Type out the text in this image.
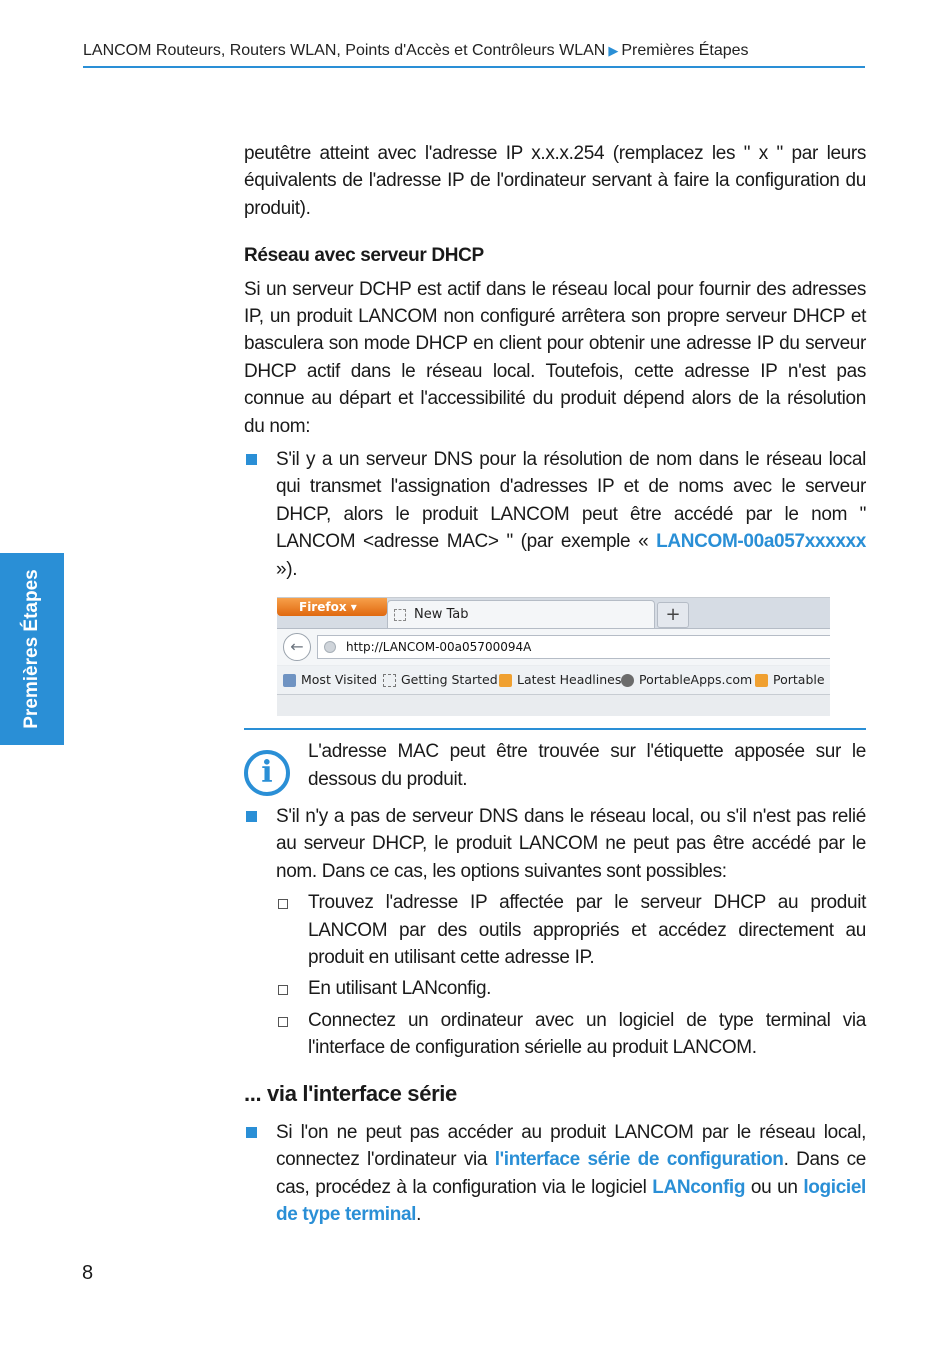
LANCOM Routeurs, Routers WLAN, Points d'Accès et Contrôleurs WLAN ▶ Premières Étapes
Premières Étapes

peutêtre atteint avec l'adresse IP x.x.x.254 (remplacez les " x " par leurs équivalents de l'adresse IP de l'ordinateur servant à faire la configuration du produit).

Réseau avec serveur DHCP

Si un serveur DCHP est actif dans le réseau local pour fournir des adresses IP, un produit LANCOM non configuré arrêtera son propre serveur DHCP et basculera son mode DHCP en client pour obtenir une adresse IP du serveur DHCP actif dans le réseau local. Toutefois, cette adresse IP n'est pas connue au départ et l'accessibilité du produit dépend alors de la résolution du nom:

S'il y a un serveur DNS pour la résolution de nom dans le réseau local qui transmet l'assignation d'adresses IP et de noms avec le serveur DHCP, alors le produit LANCOM peut être accédé par le nom " LANCOM <adresse MAC> " (par exemple « LANCOM-00a057xxxxxx »).
Firefox ▾	New Tab	+
←	http://LANCOM-00a05700094A
Most Visited	Getting Started	Latest Headlines	PortableApps.com	Portable
i

L'adresse MAC peut être trouvée sur l'étiquette apposée sur le dessous du produit.

S'il n'y a pas de serveur DNS dans le réseau local, ou s'il n'est pas relié au serveur DHCP, le produit LANCOM ne peut pas être accédé par le nom. Dans ce cas, les options suivantes sont possibles:
Trouvez l'adresse IP affectée par le serveur DHCP au produit LANCOM par des outils appropriés et accédez directement au produit en utilisant cette adresse IP.
En utilisant LANconfig.
Connectez un ordinateur avec un logiciel de type terminal via l'interface de configuration sérielle au produit LANCOM.

... via l'interface série

Si l'on ne peut pas accéder au produit LANCOM par le réseau local, connectez l'ordinateur via l'interface série de configuration. Dans ce cas, procédez à la configuration via le logiciel LANconfig ou un logiciel de type terminal.
8
